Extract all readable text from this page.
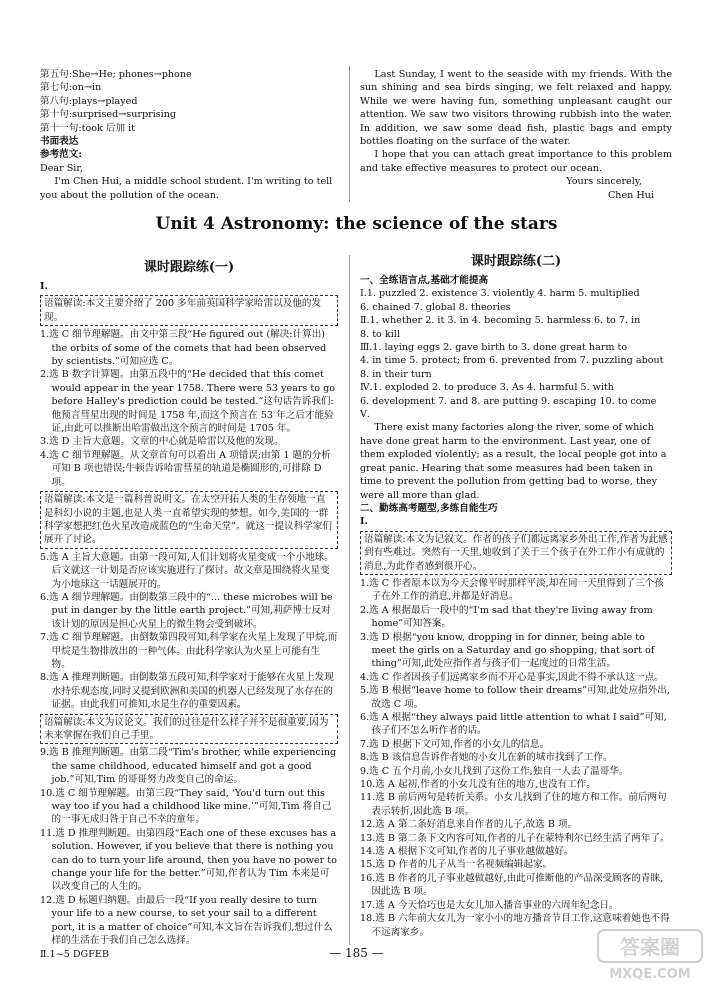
第五句:She→He; phones→phone

第七句:on→in

第八句:plays→played

第十句:surprised→surprising

第十一句:took 后加 it

书面表达

参考范文:

Dear Sir,

I'm Chen Hui, a middle school student. I'm writing to tell you about the pollution of the ocean.

Last Sunday, I went to the seaside with my friends. With the sun shining and sea birds singing, we felt relaxed and happy. While we were having fun, something unpleasant caught our attention. We saw two visitors throwing rubbish into the water. In addition, we saw some dead fish, plastic bags and empty bottles floating on the surface of the water.

I hope that you can attach great importance to this problem and take effective measures to protect our ocean.

Yours sincerely,

Chen Hui

Unit 4 Astronomy: the science of the stars
课时跟踪练(一)

Ⅰ.

语篇解读:本文主要介绍了 200 多年前英国科学家哈雷以及他的发现。

1.选 C 细节理解题。由文中第三段“He figured out (解决:计算出) the orbits of some of the comets that had been observed by scientists.”可知应选 C。

2.选 B 数字计算题。由第五段中的“He decided that this comet would appear in the year 1758. There were 53 years to go before Halley's prediction could be tested.”这句话告诉我们:他预言彗星出现的时间是 1758 年,而这个预言在 53 年之后才能验证,由此可以推断出哈雷做出这个预言的时间是 1705 年。

3.选 D 主旨大意题。文章的中心就是哈雷以及他的发现。

4.选 C 细节理解题。从文章首句可以看出 A 项错误;由第 1 题的分析可知 B 项也错误;牛顿告诉哈雷彗星的轨道是椭圆形的,可排除 D 项。

语篇解读:本文是一篇科普说明文。在太空开拓人类的生存领地一直是科幻小说的主题,也是人类一直希望实现的梦想。如今,美国的一群科学家想把红色火星改造成蓝色的“生命天堂”。就这一提议科学家们展开了讨论。

5.选 A 主旨大意题。由第一段可知,人们计划将火星变成一个小地球。后文就这一计划是否应该实施进行了探讨。故文章是围绕将火星变为小地球这一话题展开的。

6.选 A 细节理解题。由倒数第三段中的“... these microbes will be put in danger by the little earth project.”可知,莉萨博士反对该计划的原因是担心火星上的微生物会受到破坏。

7.选 C 细节理解题。由倒数第四段可知,科学家在火星上发现了甲烷,而甲烷是生物排放出的一种气体。由此科学家认为火星上可能有生物。

8.选 A 推理判断题。由倒数第五段可知,科学家对于能够在火星上发现水持乐观态度,同时又提到欧洲和美国的机器人已经发现了水存在的证据。由此我们可推知,水是生存的重要因素。

语篇解读:本文为议论文。我们的过往是什么样子并不是很重要,因为未来掌握在我们自己手里。

9.选 B 推理判断题。由第二段“Tim's brother, while experiencing the same childhood, educated himself and got a good job.”可知,Tim 的哥哥努力改变自己的命运。

10.选 C 细节理解题。由第三段“They said, ‘You'd turn out this way too if you had a childhood like mine.’”可知,Tim 将自己的一事无成归咎于自己不幸的童年。

11.选 D 推理判断题。由第四段“Each one of these excuses has a solution. However, if you believe that there is nothing you can do to turn your life around, then you have no power to change your life for the better.”可知,作者认为 Tim 本来是可以改变自己的人生的。

12.选 D 标题归纳题。由最后一段“If you really desire to turn your life to a new course, to set your sail to a different port, it is a matter of choice”可知,本文旨在告诉我们,想过什么样的生活在于我们自己怎么选择。

Ⅱ.1~5 DGFEB

课时跟踪练(二)

一、全练语言点,基础才能提高

Ⅰ.1. puzzled 2. existence 3. violently 4. harm 5. multiplied

6. chained 7. global 8. theories

Ⅱ.1. whether 2. it 3. in 4. becoming 5. harmless 6. to 7. in

8. to kill

Ⅲ.1. laying eggs 2. gave birth to 3. done great harm to

4. in time 5. protect; from 6. prevented from 7. puzzling about

8. in their turn

Ⅳ.1. exploded 2. to produce 3. As 4. harmful 5. with

6. development 7. and 8. are putting 9. escaping 10. to come

Ⅴ.

There exist many factories along the river, some of which have done great harm to the environment. Last year, one of them exploded violently; as a result, the local people got into a great panic. Hearing that some measures had been taken in time to prevent the pollution from getting bad to worse, they were all more than glad.

二、勤练高考题型,多练自能生巧

Ⅰ.

语篇解读:本文为记叙文。作者的孩子们都远离家乡外出工作,作者为此感到有些难过。突然有一天里,她收到了关于三个孩子在外工作小有成就的消息,为此作者感到很开心。

1.选 C 作者原本以为今天会像平时那样平淡,却在同一天里得到了三个孩子在外工作的消息,并都是好消息。

2.选 A 根据最后一段中的“I'm sad that they're living away from home”可知答案。

3.选 D 根据“you know, dropping in for dinner, being able to meet the girls on a Saturday and go shopping, that sort of thing”可知,此处应指作者与孩子们一起度过的日常生活。

4.选 C 作者因孩子们远离家乡而不开心是事实,因此不得不承认这一点。

5.选 B 根据“leave home to follow their dreams”可知,此处应指外出,故选 C 项。

6.选 A 根据“they always paid little attention to what I said”可知,孩子们不怎么听作者的话。

7.选 D 根据下文可知,作者的小女儿的信息。

8.选 B 该信息告诉作者她的小女儿在新的城市找到了工作。

9.选 C 五个月前,小女儿找到了这份工作,独自一人去了温哥华。

10.选 A 起初,作者的小女儿没有住的地方,也没有工作。

11.选 B 前后两句是转折关系。小女儿找到了住的地方和工作。前后两句表示转折,因此选 B 项。

12.选 A 第二条好消息来自作者的儿子,故选 B 项。

13.选 B 第二条下文内容可知,作者的儿子在蒙特利尔已经生活了两年了。

14.选 A 根据下文可知,作者的儿子事业越做越好。

15.选 D 作者的儿子从当一名视频编辑起家。

16.选 B 作者的儿子事业越做越好,由此可推断他的产品深受顾客的青睐,因此选 B 项。

17.选 A 今天恰巧也是大女儿加入播音事业的六周年纪念日。

18.选 B 六年前大女儿为一家小小的地方播音节目工作,这意味着她也不得不远离家乡。

— 185 —	答案圈
MXQE.COM
